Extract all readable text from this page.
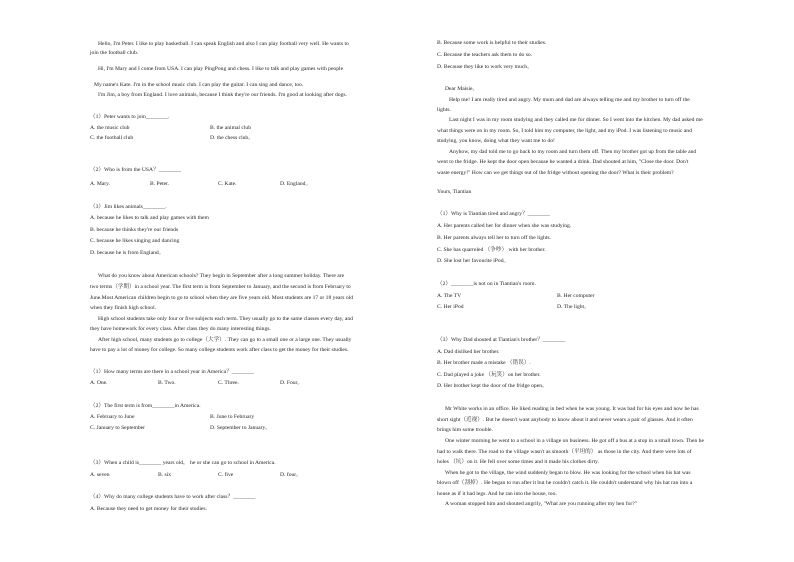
Hello, I'm Peter. I like to play basketball. I can speak English and also I can play football very well. He wants to
join the football club.
Hi, I'm Mary and I come from USA. I can play PingPong and chess. I like to talk and play games with people
My name's Kate. I'm in the school music club. I can play the guitar. I can sing and dance, too.
I'm Jim, a boy from England. I love animals, because I think they're our friends. I'm good at looking after dogs.
（1）Peter wants to join________.
A. the music club	B. the animal club
C. the football club	D. the chess club。
（2）Who is from the USA？________
A. Mary.	B. Peter.	C. Kate.	D. England。
（3）Jim likes animals________.
A. because he likes to talk and play games with them
B. because he thinks they're our friends
C. because he likes singing and dancing
D. because he is from England。
What do you know about American schools? They begin in September after a long summer holiday. There are
two terms（学期）in a school year. The first term is from September to January, and the second is from February to
June.Most American children begin to go to school when they are five years old. Most students are 17 or 18 years old
when they finish high school.
High school students take only four or five subjects each term. They usually go to the same classes every day, and
they have homework for every class. After class they do many interesting things.
After high school, many students go to college（大学）. They can go to a small one or a large one. They usually
have to pay a lot of money for college. So many college students work after class to get the money for their studies.
（1）How many terms are there in a school year in America？________
A. One.	B. Two.	C. Three.	D. Four。
（2）The first term is from________in America.
A. February to June	B. June to February
C. January to September	D. September to January。
（3）When a child is________ years old， he or she can go to school in America.
A. seven	B. six	C. five	D. four。
（4）Why do many college students have to work after class？________
A. Because they need to get money for their studies.
B. Because some work is helpful to their studies.
C. Because the teachers ask them to do so.
D. Because they like to work very much。
Dear Maisie,
Help me! I am really tired and angry. My mum and dad are always telling me and my brother to turn off the
lights.
Last night I was in my room studying and they called me for dinner. So I went into the kitchen. My dad asked me
what things were on in my room. So, I told him my computer, the light, and my iPod. I was listening to music and
studying, you know, doing what they want me to do!
Anyhow, my dad told me to go back to my room and turn them off. Then my brother got up from the table and
went to the fridge. He kept the door open because he wanted a drink. Dad shouted at him, "Close the door. Don't
waste energy!" How can we get things out of the fridge without opening the door? What is their problem?
Yours, Tiantian
（1）Why is Tiantian tired and angry？________
A. Her parents called her for dinner when she was studying.
B. Her parents always tell her to turn off the lights.
C. She has quarreled （争吵） with her brother.
D. She lost her favourite iPod。
（2）________is not on in Tiantian's room.
A. The TV	B. Her computer
C. Her iPod	D. The light。
（3）Why Dad shouted at Tiantian's brother？________
A. Dad disliked her brother.
B. Her brother made a mistake （错误）.
C. Dad played a joke （玩笑）on her brother.
D. Her brother kept the door of the fridge open。
Mr White works in an office. He liked reading in bed when he was young. It was bad for his eyes and now he has
short sight（近视）. But he doesn't want anybody to know about it and never wears a pair of glasses. And it often
brings him some trouble.
One winter morning he went to a school in a village on business. He got off a bus at a stop in a small town. Then he
had to walk there. The road to the village wasn't as smooth（平坦的） as those in the city. And there were lots of
holes （坑）on it. He fell over some times and it made his clothes dirty.
When he got to the village, the wind suddenly began to blow. He was looking for the school when his hat was
blown off（刮掉）. He began to run after it but he couldn't catch it. He couldn't understand why his hat ran into a
house as if it had legs. And he ran into the house, too.
A woman stopped him and shouted angrily, "What are you running after my hen for?"
